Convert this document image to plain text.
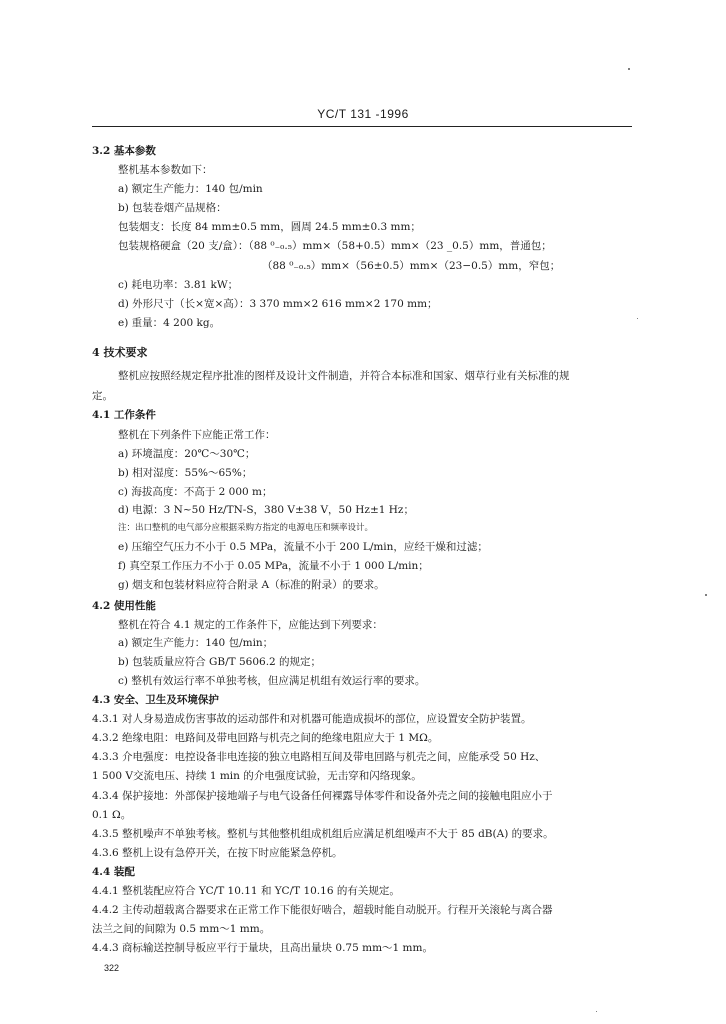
YC/T 131 -1996
3.2 基本参数
整机基本参数如下：
a) 额定生产能力：140 包/min
b) 包装卷烟产品规格：
包装烟支：长度 84 mm±0.5 mm，圆周 24.5 mm±0.3 mm；
包装规格硬盒（20 支/盒）：（88 ⁰₋₀.₅）mm×（58+0.5）mm×（23 _0.5）mm，普通包；
（88 ⁰₋₀.₅）mm×（56±0.5）mm×（23−0.5）mm，窄包；
c) 耗电功率：3.81 kW；
d) 外形尺寸（长×宽×高）：3 370 mm×2 616 mm×2 170 mm；
e) 重量：4 200 kg。
4 技术要求
整机应按照经规定程序批准的图样及设计文件制造，并符合本标准和国家、烟草行业有关标准的规
定。
4.1 工作条件
整机在下列条件下应能正常工作：
a) 环境温度：20℃～30℃；
b) 相对湿度：55%～65%；
c) 海拔高度：不高于 2 000 m；
d) 电源：3 N~50 Hz/TN-S，380 V±38 V，50 Hz±1 Hz；
注：出口整机的电气部分应根据采购方指定的电源电压和频率设计。
e) 压缩空气压力不小于 0.5 MPa，流量不小于 200 L/min，应经干燥和过滤；
f) 真空泵工作压力不小于 0.05 MPa，流量不小于 1 000 L/min；
g) 烟支和包装材料应符合附录 A（标准的附录）的要求。
4.2 使用性能
整机在符合 4.1 规定的工作条件下，应能达到下列要求：
a) 额定生产能力：140 包/min；
b) 包装质量应符合 GB/T 5606.2 的规定；
c) 整机有效运行率不单独考核，但应满足机组有效运行率的要求。
4.3 安全、卫生及环境保护
4.3.1 对人身易造成伤害事故的运动部件和对机器可能造成损坏的部位，应设置安全防护装置。
4.3.2 绝缘电阻：电路间及带电回路与机壳之间的绝缘电阻应大于 1 MΩ。
4.3.3 介电强度：电控设备非电连接的独立电路相互间及带电回路与机壳之间，应能承受 50 Hz、
1 500 V交流电压、持续 1 min 的介电强度试验，无击穿和闪络现象。
4.3.4 保护接地：外部保护接地端子与电气设备任何裸露导体零件和设备外壳之间的接触电阻应小于
0.1 Ω。
4.3.5 整机噪声不单独考核。整机与其他整机组成机组后应满足机组噪声不大于 85 dB(A) 的要求。
4.3.6 整机上设有急停开关，在按下时应能紧急停机。
4.4 装配
4.4.1 整机装配应符合 YC/T 10.11 和 YC/T 10.16 的有关规定。
4.4.2 主传动超载离合器要求在正常工作下能很好啮合，超载时能自动脱开。行程开关滚轮与离合器
法兰之间的间隙为 0.5 mm～1 mm。
4.4.3 商标输送控制导板应平行于量块，且高出量块 0.75 mm～1 mm。
322
